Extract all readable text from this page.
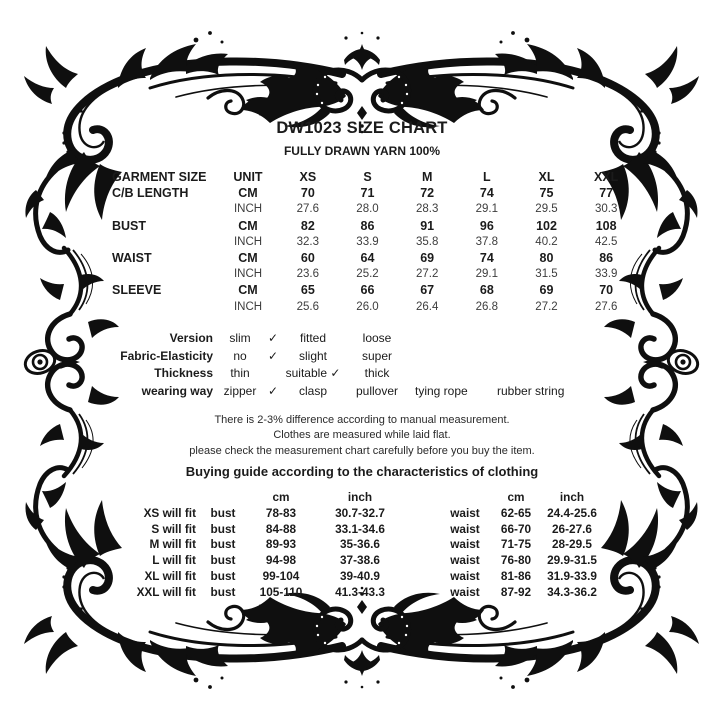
DW1023 SIZE CHART
FULLY DRAWN YARN 100%
GARMENT SIZE	UNIT	XS	S	M	L	XL	XXL
C/B LENGTH	CM	70	71	72	74	75	77
INCH	27.6	28.0	28.3	29.1	29.5	30.3
BUST	CM	82	86	91	96	102	108
INCH	32.3	33.9	35.8	37.8	40.2	42.5
WAIST	CM	60	64	69	74	80	86
INCH	23.6	25.2	27.2	29.1	31.5	33.9
SLEEVE	CM	65	66	67	68	69	70
INCH	25.6	26.0	26.4	26.8	27.2	27.6
Version	slim	✓	fitted	loose
Fabric-Elasticity	no	✓	slight	super
Thickness	thin	suitable ✓	thick
wearing way zipper ✓	clasp	pullover	tying rope	rubber string
There is 2-3% difference according to manual measurement.
Clothes are measured while laid flat.
please check the measurement chart carefully before you buy the item.
Buying guide according to the characteristics of clothing
cm	inch	cm	inch
XS will fit	bust	78-83	30.7-32.7	waist	62-65	24.4-25.6
S will fit	bust	84-88	33.1-34.6	waist	66-70	26-27.6
M will fit	bust	89-93	35-36.6	waist	71-75	28-29.5
L will fit	bust	94-98	37-38.6	waist	76-80	29.9-31.5
XL will fit	bust	99-104	39-40.9	waist	81-86	31.9-33.9
XXL will fit	bust	105-110	41.3-43.3	waist	87-92	34.3-36.2
